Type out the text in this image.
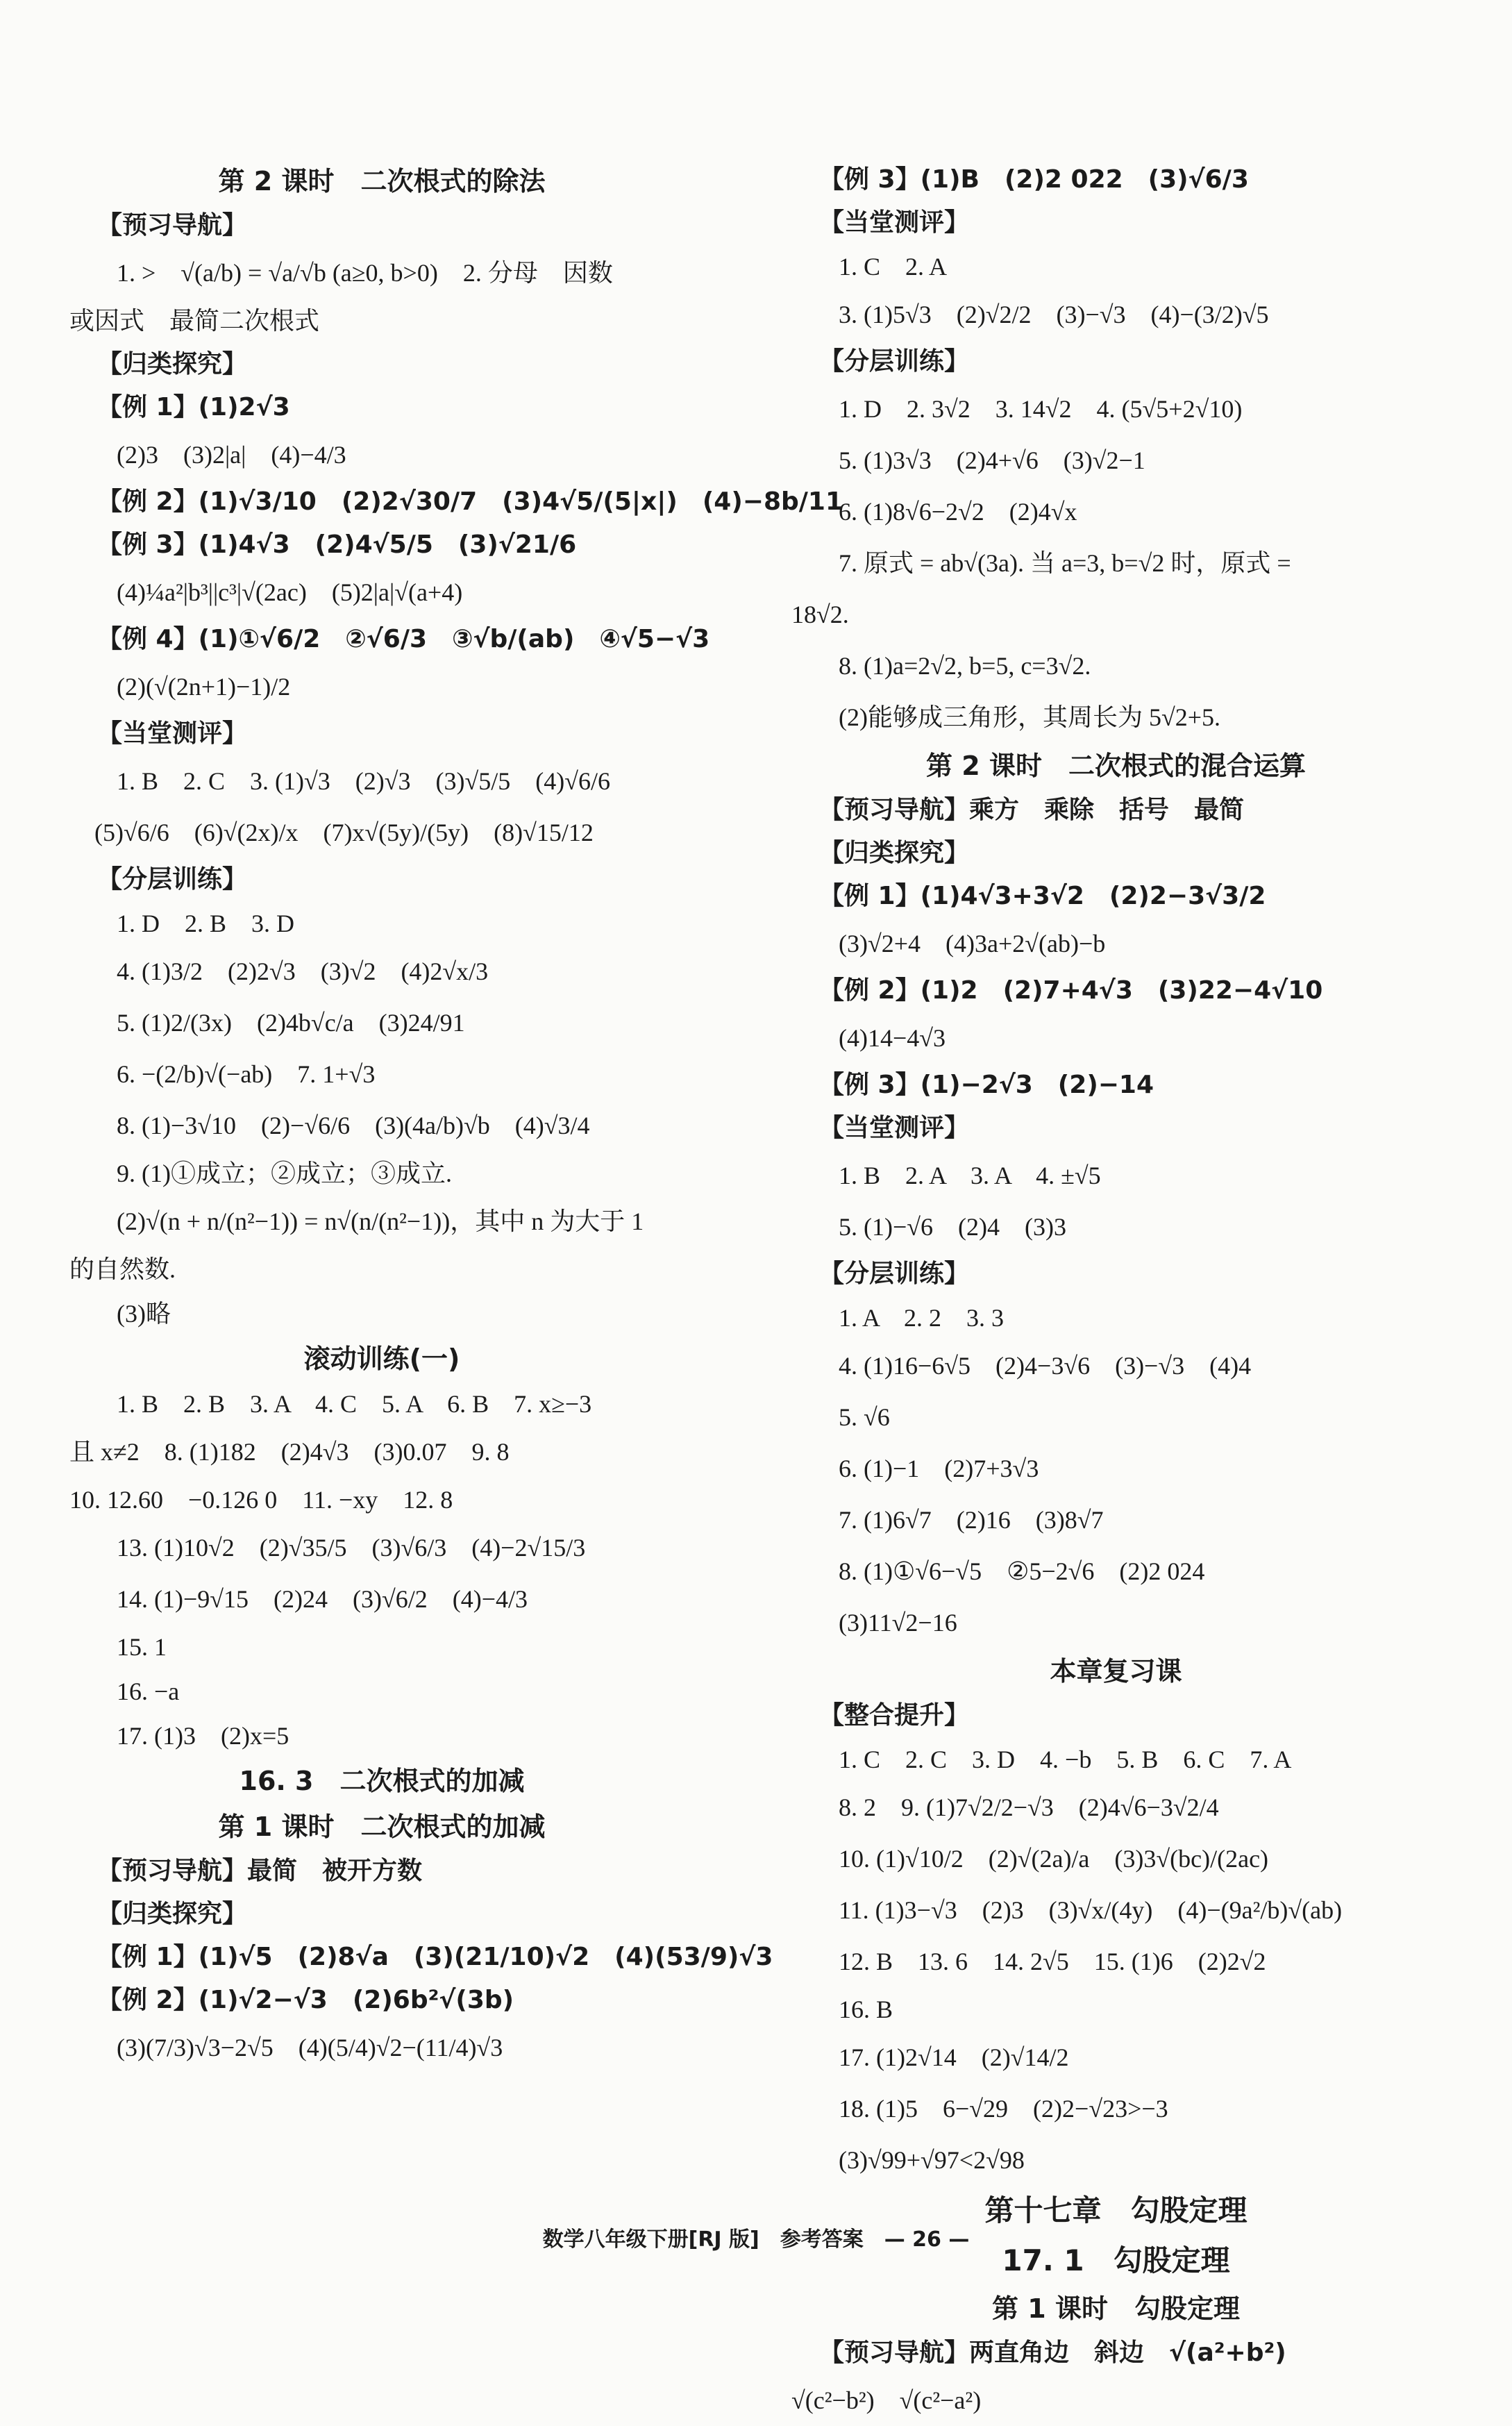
第 2 课时　二次根式的除法
【预习导航】
1. >　√(a/b) = √a/√b (a≥0, b>0)　2. 分母　因数
或因式　最简二次根式
【归类探究】
【例 1】(1)2√3
(2)3　(3)2|a|　(4)−4/3
【例 2】(1)√3/10　(2)2√30/7　(3)4√5/(5|x|)　(4)−8b/11
【例 3】(1)4√3　(2)4√5/5　(3)√21/6
(4)¼a²|b³||c³|√(2ac)　(5)2|a|√(a+4)
【例 4】(1)①√6/2　②√6/3　③√b/(ab)　④√5−√3
(2)(√(2n+1)−1)/2
【当堂测评】
1. B　2. C　3. (1)√3　(2)√3　(3)√5/5　(4)√6/6
　(5)√6/6　(6)√(2x)/x　(7)x√(5y)/(5y)　(8)√15/12
【分层训练】
1. D　2. B　3. D
4. (1)3/2　(2)2√3　(3)√2　(4)2√x/3
5. (1)2/(3x)　(2)4b√c/a　(3)24/91
6. −(2/b)√(−ab)　7. 1+√3
8. (1)−3√10　(2)−√6/6　(3)(4a/b)√b　(4)√3/4
9. (1)①成立；②成立；③成立.
(2)√(n + n/(n²−1)) = n√(n/(n²−1))，其中 n 为大于 1
的自然数.
(3)略
滚动训练(一)
1. B　2. B　3. A　4. C　5. A　6. B　7. x≥−3
且 x≠2　8. (1)182　(2)4√3　(3)0.07　9. 8
10. 12.60　−0.126 0　11. −xy　12. 8
13. (1)10√2　(2)√35/5　(3)√6/3　(4)−2√15/3
14. (1)−9√15　(2)24　(3)√6/2　(4)−4/3
15. 1
16. −a
17. (1)3　(2)x=5
16. 3　二次根式的加减
第 1 课时　二次根式的加减
【预习导航】最简　被开方数
【归类探究】
【例 1】(1)√5　(2)8√a　(3)(21/10)√2　(4)(53/9)√3
【例 2】(1)√2−√3　(2)6b²√(3b)
(3)(7/3)√3−2√5　(4)(5/4)√2−(11/4)√3
【例 3】(1)B　(2)2 022　(3)√6/3
【当堂测评】
1. C　2. A
3. (1)5√3　(2)√2/2　(3)−√3　(4)−(3/2)√5
【分层训练】
1. D　2. 3√2　3. 14√2　4. (5√5+2√10)
5. (1)3√3　(2)4+√6　(3)√2−1
6. (1)8√6−2√2　(2)4√x
7. 原式 = ab√(3a). 当 a=3, b=√2 时，原式 =
18√2.
8. (1)a=2√2, b=5, c=3√2.
(2)能够成三角形，其周长为 5√2+5.
第 2 课时　二次根式的混合运算
【预习导航】乘方　乘除　括号　最简
【归类探究】
【例 1】(1)4√3+3√2　(2)2−3√3/2
(3)√2+4　(4)3a+2√(ab)−b
【例 2】(1)2　(2)7+4√3　(3)22−4√10
(4)14−4√3
【例 3】(1)−2√3　(2)−14
【当堂测评】
1. B　2. A　3. A　4. ±√5
5. (1)−√6　(2)4　(3)3
【分层训练】
1. A　2. 2　3. 3
4. (1)16−6√5　(2)4−3√6　(3)−√3　(4)4
5. √6
6. (1)−1　(2)7+3√3
7. (1)6√7　(2)16　(3)8√7
8. (1)①√6−√5　②5−2√6　(2)2 024
(3)11√2−16
本章复习课
【整合提升】
1. C　2. C　3. D　4. −b　5. B　6. C　7. A
8. 2　9. (1)7√2/2−√3　(2)4√6−3√2/4
10. (1)√10/2　(2)√(2a)/a　(3)3√(bc)/(2ac)
11. (1)3−√3　(2)3　(3)√x/(4y)　(4)−(9a²/b)√(ab)
12. B　13. 6　14. 2√5　15. (1)6　(2)2√2
16. B
17. (1)2√14　(2)√14/2
18. (1)5　6−√29　(2)2−√23>−3
(3)√99+√97<2√98
第十七章　勾股定理
17. 1　勾股定理
第 1 课时　勾股定理
【预习导航】两直角边　斜边　√(a²+b²)
√(c²−b²)　√(c²−a²)
数学八年级下册[RJ 版]　参考答案　— 26 —
